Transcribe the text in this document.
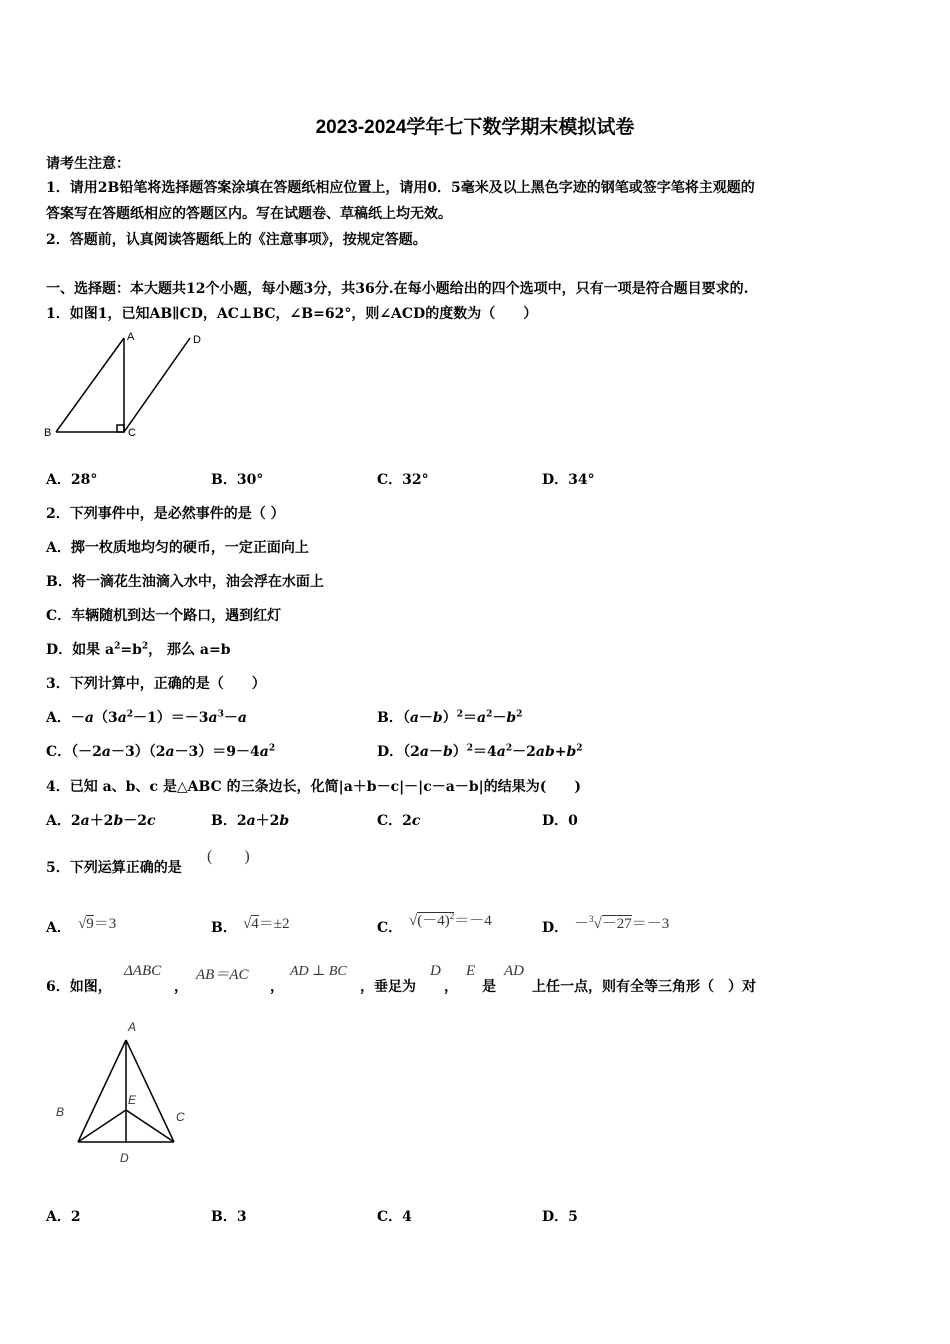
2023-2024学年七下数学期末模拟试卷
请考生注意：
1．请用2B铅笔将选择题答案涂填在答题纸相应位置上，请用0．5毫米及以上黑色字迹的钢笔或签字笔将主观题的
答案写在答题纸相应的答题区内。写在试题卷、草稿纸上均无效。
2．答题前，认真阅读答题纸上的《注意事项》，按规定答题。
一、选择题：本大题共12个小题，每小题3分，共36分.在每小题给出的四个选项中，只有一项是符合题目要求的.
1．如图1，已知AB∥CD，AC⊥BC，∠B=62°，则∠ACD的度数为（　　）
A	D
B	C
A．28°	B．30°	C．32°	D．34°
2．下列事件中，是必然事件的是（ ）
A．掷一枚质地均匀的硬币，一定正面向上
B．将一滴花生油滴入水中，油会浮在水面上
C．车辆随机到达一个路口，遇到红灯
D．如果 $a^2=b^2$， 那么 a=b
3．下列计算中，正确的是（　　）
A．$-a(3a^2-1)=-3a^3-a$	B．$(a-b)^2=a^2-b^2$
C．$(-2a-3)(2a-3)=9-4a^2$	D．$(2a-b)^2=4a^2-2ab+b^2$
4．已知 a、b、c 是△ABC 的三条边长，化简|a＋b－c|－|c－a－b|的结果为(　　)
A．2a＋2b－2c	B．2a＋2b	C．2c	D．0
5．下列运算正确的是
(　　)
A． √9＝3	B． √4＝±2	C． $√(-4)^2=-4$	D． －$^3$√－27＝－3
6．如图，
ΔABC
，
AB＝AC
，
AD ⊥ BC
，垂足为
D
，
E
是
AD
上任一点，则有全等三角形（　）对
A
B	C
E
D
A．2	B．3	C．4	D．5
